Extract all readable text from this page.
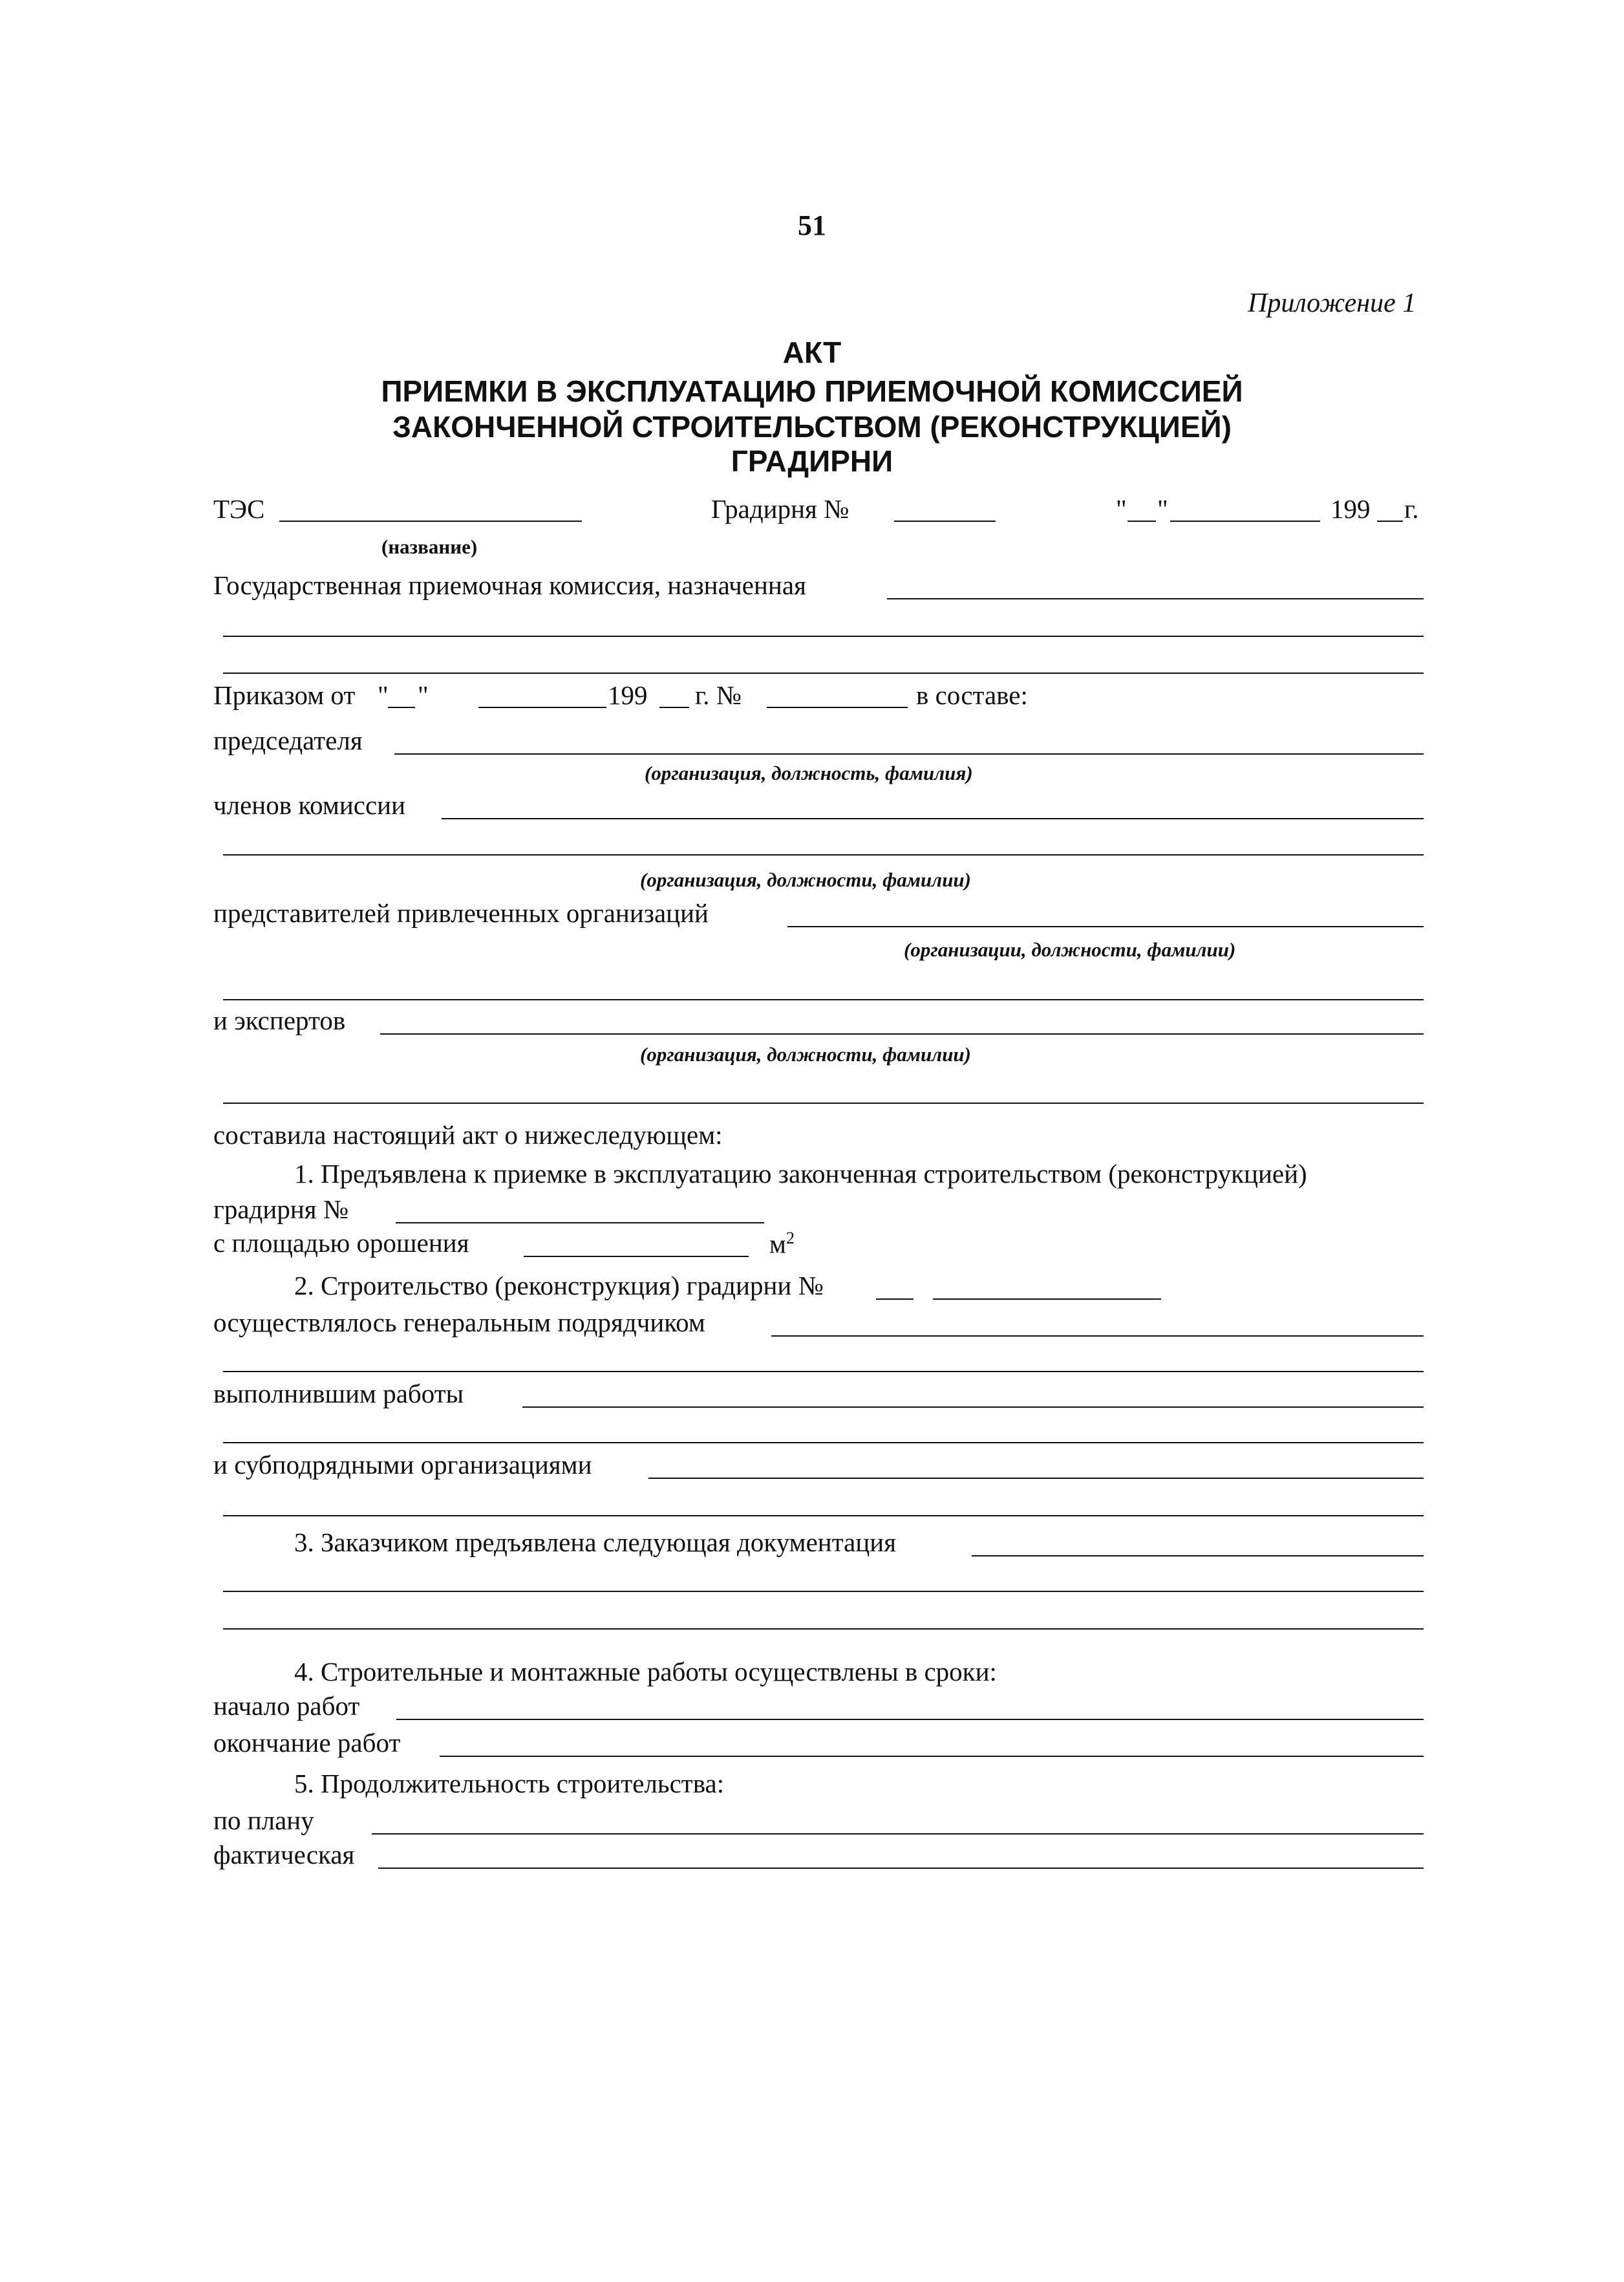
51
Приложение 1
АКТ
ПРИЕМКИ В ЭКСПЛУАТАЦИЮ ПРИЕМОЧНОЙ КОМИССИЕЙ
ЗАКОНЧЕННОЙ СТРОИТЕЛЬСТВОМ (РЕКОНСТРУКЦИЕЙ)
ГРАДИРНИ
ТЭС
(название)
Градирня №	" "	199 г.
Государственная приемочная комиссия, назначенная
Приказом от " "	199 г. №	в составе:
председателя
(организация, должность, фамилия)
членов комиссии
(организация, должности, фамилии)
представителей привлеченных организаций
(организации, должности, фамилии)
и экспертов
(организация, должности, фамилии)
составила настоящий акт о нижеследующем:
1. Предъявлена к приемке в эксплуатацию законченная строительством (реконструкцией)
градирня №
с площадью орошения	$м^2$
2. Строительство (реконструкция) градирни №
осуществлялось генеральным подрядчиком
выполнившим работы
и субподрядными организациями
3. Заказчиком предъявлена следующая документация
4. Строительные и монтажные работы осуществлены в сроки:
начало работ
окончание работ
5. Продолжительность строительства:
по плану
фактическая
